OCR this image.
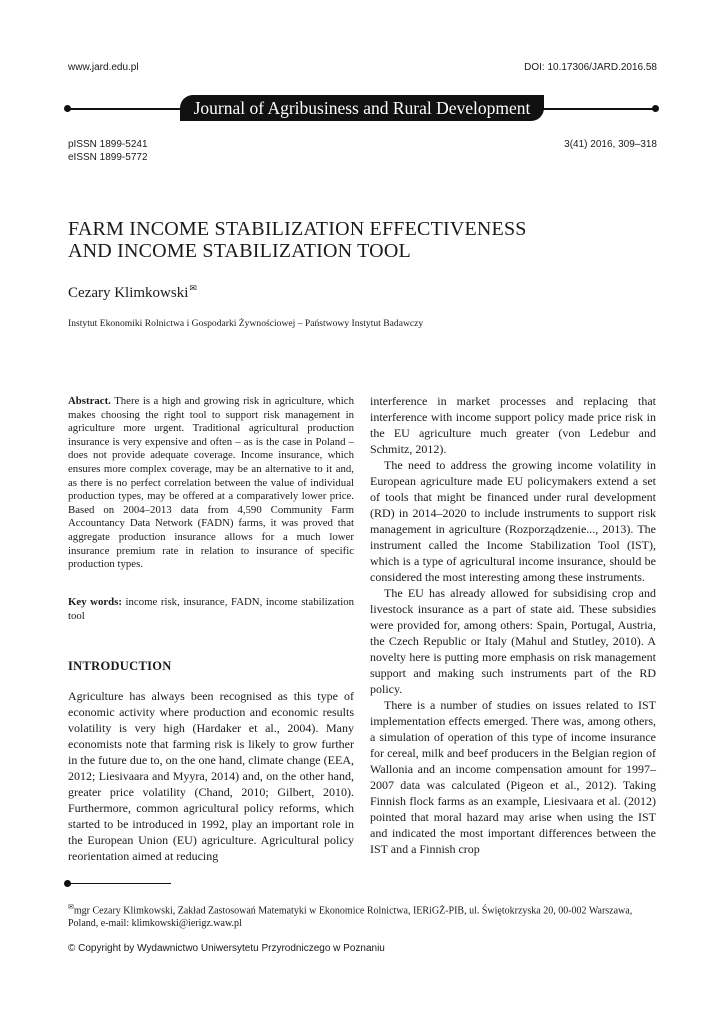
www.jard.edu.pl	DOI: 10.17306/JARD.2016.58
Journal of Agribusiness and Rural Development
pISSN 1899-5241
eISSN 1899-5772
3(41) 2016, 309–318
FARM INCOME STABILIZATION EFFECTIVENESS
AND INCOME STABILIZATION TOOL
Cezary Klimkowski✉
Instytut Ekonomiki Rolnictwa i Gospodarki Żywnościowej – Państwowy Instytut Badawczy
Abstract. There is a high and growing risk in agriculture, which makes choosing the right tool to support risk management in agriculture more urgent. Traditional agricultural production insurance is very expensive and often – as is the case in Poland – does not provide adequate coverage. Income insurance, which ensures more complex coverage, may be an alternative to it and, as there is no perfect correlation between the value of individual production types, may be offered at a comparatively lower price. Based on 2004–2013 data from 4,590 Community Farm Accountancy Data Network (FADN) farms, it was proved that aggregate production insurance allows for a much lower insurance premium rate in relation to insurance of specific production types.
Key words: income risk, insurance, FADN, income stabilization tool
INTRODUCTION

Agriculture has always been recognised as this type of economic activity where production and economic results volatility is very high (Hardaker et al., 2004). Many economists note that farming risk is likely to grow further in the future due to, on the one hand, climate change (EEA, 2012; Liesivaara and Myyra, 2014) and, on the other hand, greater price volatility (Chand, 2010; Gilbert, 2010). Furthermore, common agricultural policy reforms, which started to be introduced in 1992, play an important role in the European Union (EU) agriculture. Agricultural policy reorientation aimed at reducing

interference in market processes and replacing that interference with income support policy made price risk in the EU agriculture much greater (von Ledebur and Schmitz, 2012).

The need to address the growing income volatility in European agriculture made EU policymakers extend a set of tools that might be financed under rural development (RD) in 2014–2020 to include instruments to support risk management in agriculture (Rozporządzenie..., 2013). The instrument called the Income Stabilization Tool (IST), which is a type of agricultural income insurance, should be considered the most interesting among these instruments.

The EU has already allowed for subsidising crop and livestock insurance as a part of state aid. These subsidies were provided for, among others: Spain, Portugal, Austria, the Czech Republic or Italy (Mahul and Stutley, 2010). A novelty here is putting more emphasis on risk management support and making such instruments part of the RD policy.

There is a number of studies on issues related to IST implementation effects emerged. There was, among others, a simulation of operation of this type of income insurance for cereal, milk and beef producers in the Belgian region of Wallonia and an income compensation amount for 1997–2007 data was calculated (Pigeon et al., 2012). Taking Finnish flock farms as an example, Liesivaara et al. (2012) pointed that moral hazard may arise when using the IST and indicated the most important differences between the IST and a Finnish crop

✉mgr Cezary Klimkowski, Zakład Zastosowań Matematyki w Ekonomice Rolnictwa, IERiGŻ-PIB, ul. Świętokrzyska 20, 00-002 Warszawa, Poland, e-mail: klimkowski@ierigz.waw.pl
© Copyright by Wydawnictwo Uniwersytetu Przyrodniczego w Poznaniu
